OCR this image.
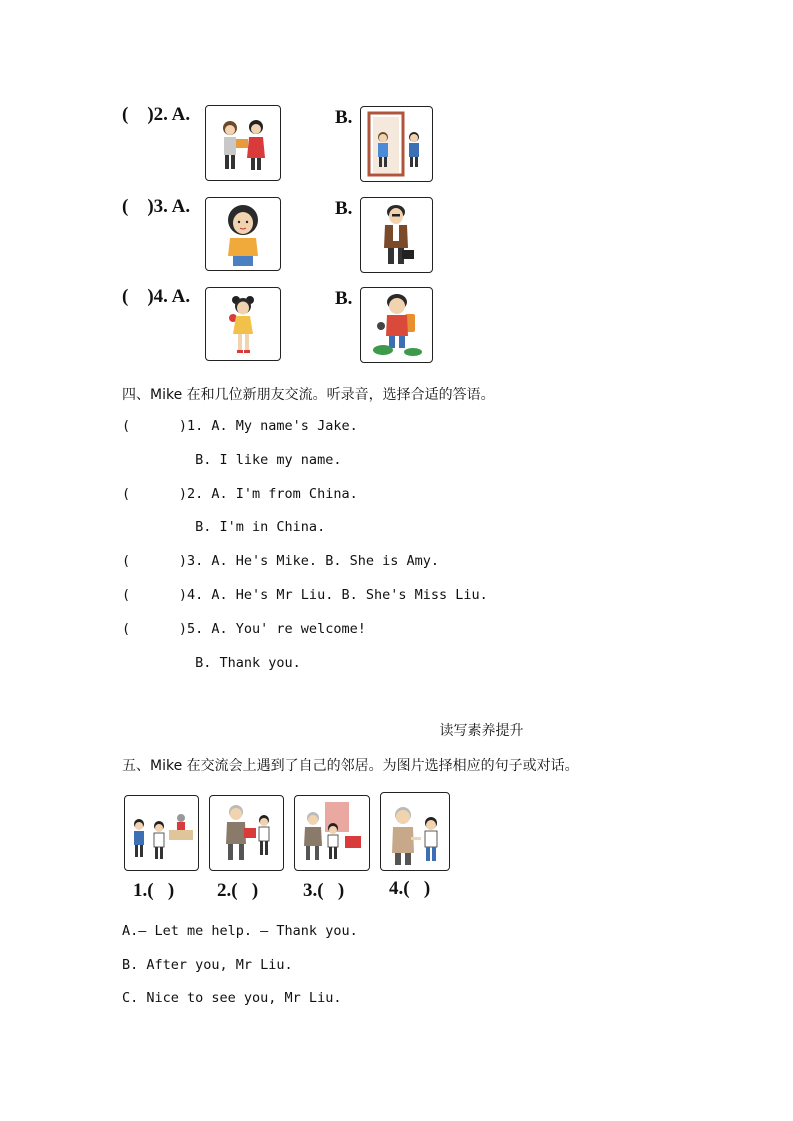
(    )2. A.	B.
(    )3. A.	B.
(    )4. A.	B.
四、Mike 在和几位新朋友交流。听录音，选择合适的答语。
(      )1. A. My name's Jake.
B. I like my name.
(      )2. A. I'm from China.
B. I'm in China.
(      )3. A. He's Mike. B. She is Amy.
(      )4. A. He's Mr Liu. B. She's Miss Liu.
(      )5. A. You' re welcome!
B. Thank you.
读写素养提升
五、Mike 在交流会上遇到了自己的邻居。为图片选择相应的句子或对话。
1.(   ) 2.(   ) 3.(   ) 4.(   )
A.— Let me help. — Thank you.
B. After you, Mr Liu.
C. Nice to see you, Mr Liu.
